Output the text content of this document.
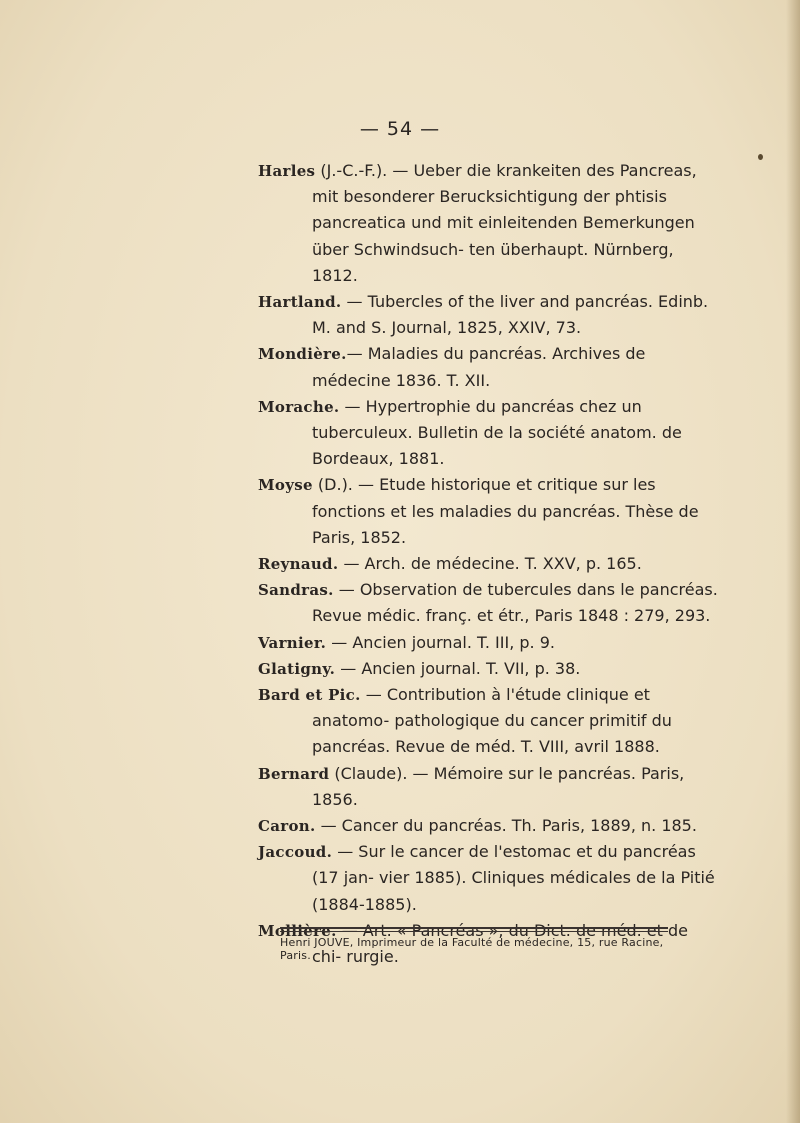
— 54 —
Harles (J.-C.-F.). — Ueber die krankeiten des Pancreas, mit besonderer Berucksichtigung der phtisis pancreatica und mit einleitenden Bemerkungen über Schwindsuch- ten überhaupt. Nürnberg, 1812.
Hartland. — Tubercles of the liver and pancréas. Edinb. M. and S. Journal, 1825, XXIV, 73.
Mondière.— Maladies du pancréas. Archives de médecine 1836. T. XII.
Morache. — Hypertrophie du pancréas chez un tuberculeux. Bulletin de la société anatom. de Bordeaux, 1881.
Moyse (D.). — Etude historique et critique sur les fonctions et les maladies du pancréas. Thèse de Paris, 1852.
Reynaud. — Arch. de médecine. T. XXV, p. 165.
Sandras. — Observation de tubercules dans le pancréas. Revue médic. franç. et étr., Paris 1848 : 279, 293.
Varnier. — Ancien journal. T. III, p. 9.
Glatigny. — Ancien journal. T. VII, p. 38.
Bard et Pic. — Contribution à l'étude clinique et anatomo- pathologique du cancer primitif du pancréas. Revue de méd. T. VIII, avril 1888.
Bernard (Claude). — Mémoire sur le pancréas. Paris, 1856.
Caron. — Cancer du pancréas. Th. Paris, 1889, n. 185.
Jaccoud. — Sur le cancer de l'estomac et du pancréas (17 jan- vier 1885). Cliniques médicales de la Pitié (1884-1885).
Mollière. — Art. « Pancréas », du Dict. de méd. et de chi- rurgie.
Henri JOUVE, Imprimeur de la Faculté de médecine, 15, rue Racine, Paris.
